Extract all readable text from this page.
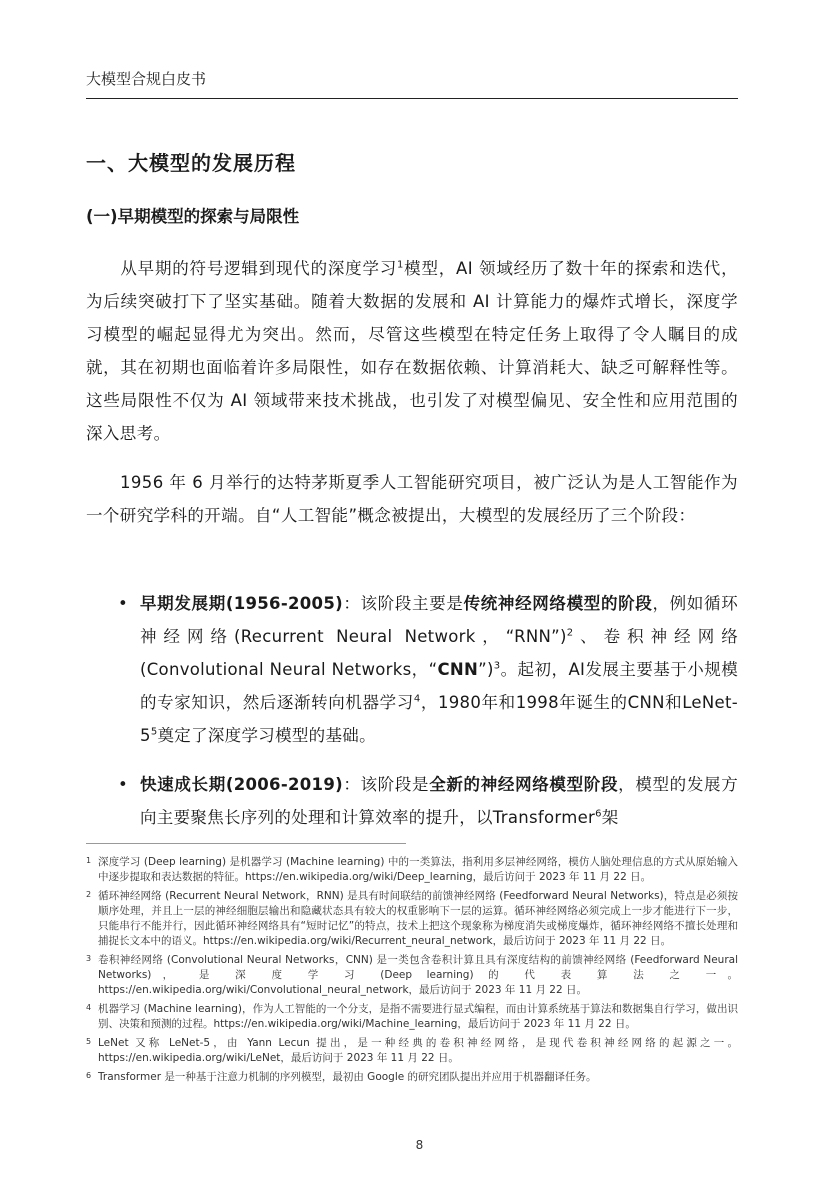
大模型合规白皮书
一、大模型的发展历程
(一)早期模型的探索与局限性

从早期的符号逻辑到现代的深度学习$^1$模型，AI 领域经历了数十年的探索和迭代，为后续突破打下了坚实基础。随着大数据的发展和 AI 计算能力的爆炸式增长，深度学习模型的崛起显得尤为突出。然而，尽管这些模型在特定任务上取得了令人瞩目的成就，其在初期也面临着许多局限性，如存在数据依赖、计算消耗大、缺乏可解释性等。这些局限性不仅为 AI 领域带来技术挑战，也引发了对模型偏见、安全性和应用范围的深入思考。

1956 年 6 月举行的达特茅斯夏季人工智能研究项目，被广泛认为是人工智能作为一个研究学科的开端。自“人工智能”概念被提出，大模型的发展经历了三个阶段：

• 早期发展期(1956-2005)：该阶段主要是传统神经网络模型的阶段，例如循环神经网络(Recurrent Neural Network，“RNN”)$^2$、卷积神经网络(Convolutional Neural Networks，“CNN”)$^3$。起初，AI发展主要基于小规模的专家知识，然后逐渐转向机器学习$^4$，1980年和1998年诞生的CNN和LeNet-$5^5$奠定了深度学习模型的基础。
• 快速成长期(2006-2019)：该阶段是全新的神经网络模型阶段，模型的发展方向主要聚焦长序列的处理和计算效率的提升，以Transformer$^6$架
1 深度学习 (Deep learning) 是机器学习 (Machine learning) 中的一类算法，指利用多层神经网络，模仿人脑处理信息的方式从原始输入中逐步提取和表达数据的特征。https://en.wikipedia.org/wiki/Deep_learning，最后访问于 2023 年 11 月 22 日。
2 循环神经网络 (Recurrent Neural Network，RNN) 是具有时间联结的前馈神经网络 (Feedforward Neural Networks)，特点是必须按顺序处理，并且上一层的神经细胞层输出和隐藏状态具有较大的权重影响下一层的运算。循环神经网络必须完成上一步才能进行下一步，只能串行不能并行，因此循环神经网络具有“短时记忆”的特点，技术上把这个现象称为梯度消失或梯度爆炸，循环神经网络不擅长处理和捕捉长文本中的语义。https://en.wikipedia.org/wiki/Recurrent_neural_network，最后访问于 2023 年 11 月 22 日。
3 卷积神经网络 (Convolutional Neural Networks，CNN) 是一类包含卷积计算且具有深度结构的前馈神经网络 (Feedforward Neural Networks)， 是 深 度 学 习 (Deep learning) 的 代 表 算 法 之 一。https://en.wikipedia.org/wiki/Convolutional_neural_network，最后访问于 2023 年 11 月 22 日。
4 机器学习 (Machine learning)，作为人工智能的一个分支，是指不需要进行显式编程，而由计算系统基于算法和数据集自行学习，做出识别、决策和预测的过程。https://en.wikipedia.org/wiki/Machine_learning，最后访问于 2023 年 11 月 22 日。
5 LeNet 又称 LeNet-5，由 Yann Lecun 提出，是一种经典的卷积神经网络，是现代卷积神经网络的起源之一。https://en.wikipedia.org/wiki/LeNet，最后访问于 2023 年 11 月 22 日。
6 Transformer 是一种基于注意力机制的序列模型，最初由 Google 的研究团队提出并应用于机器翻译任务。
8
